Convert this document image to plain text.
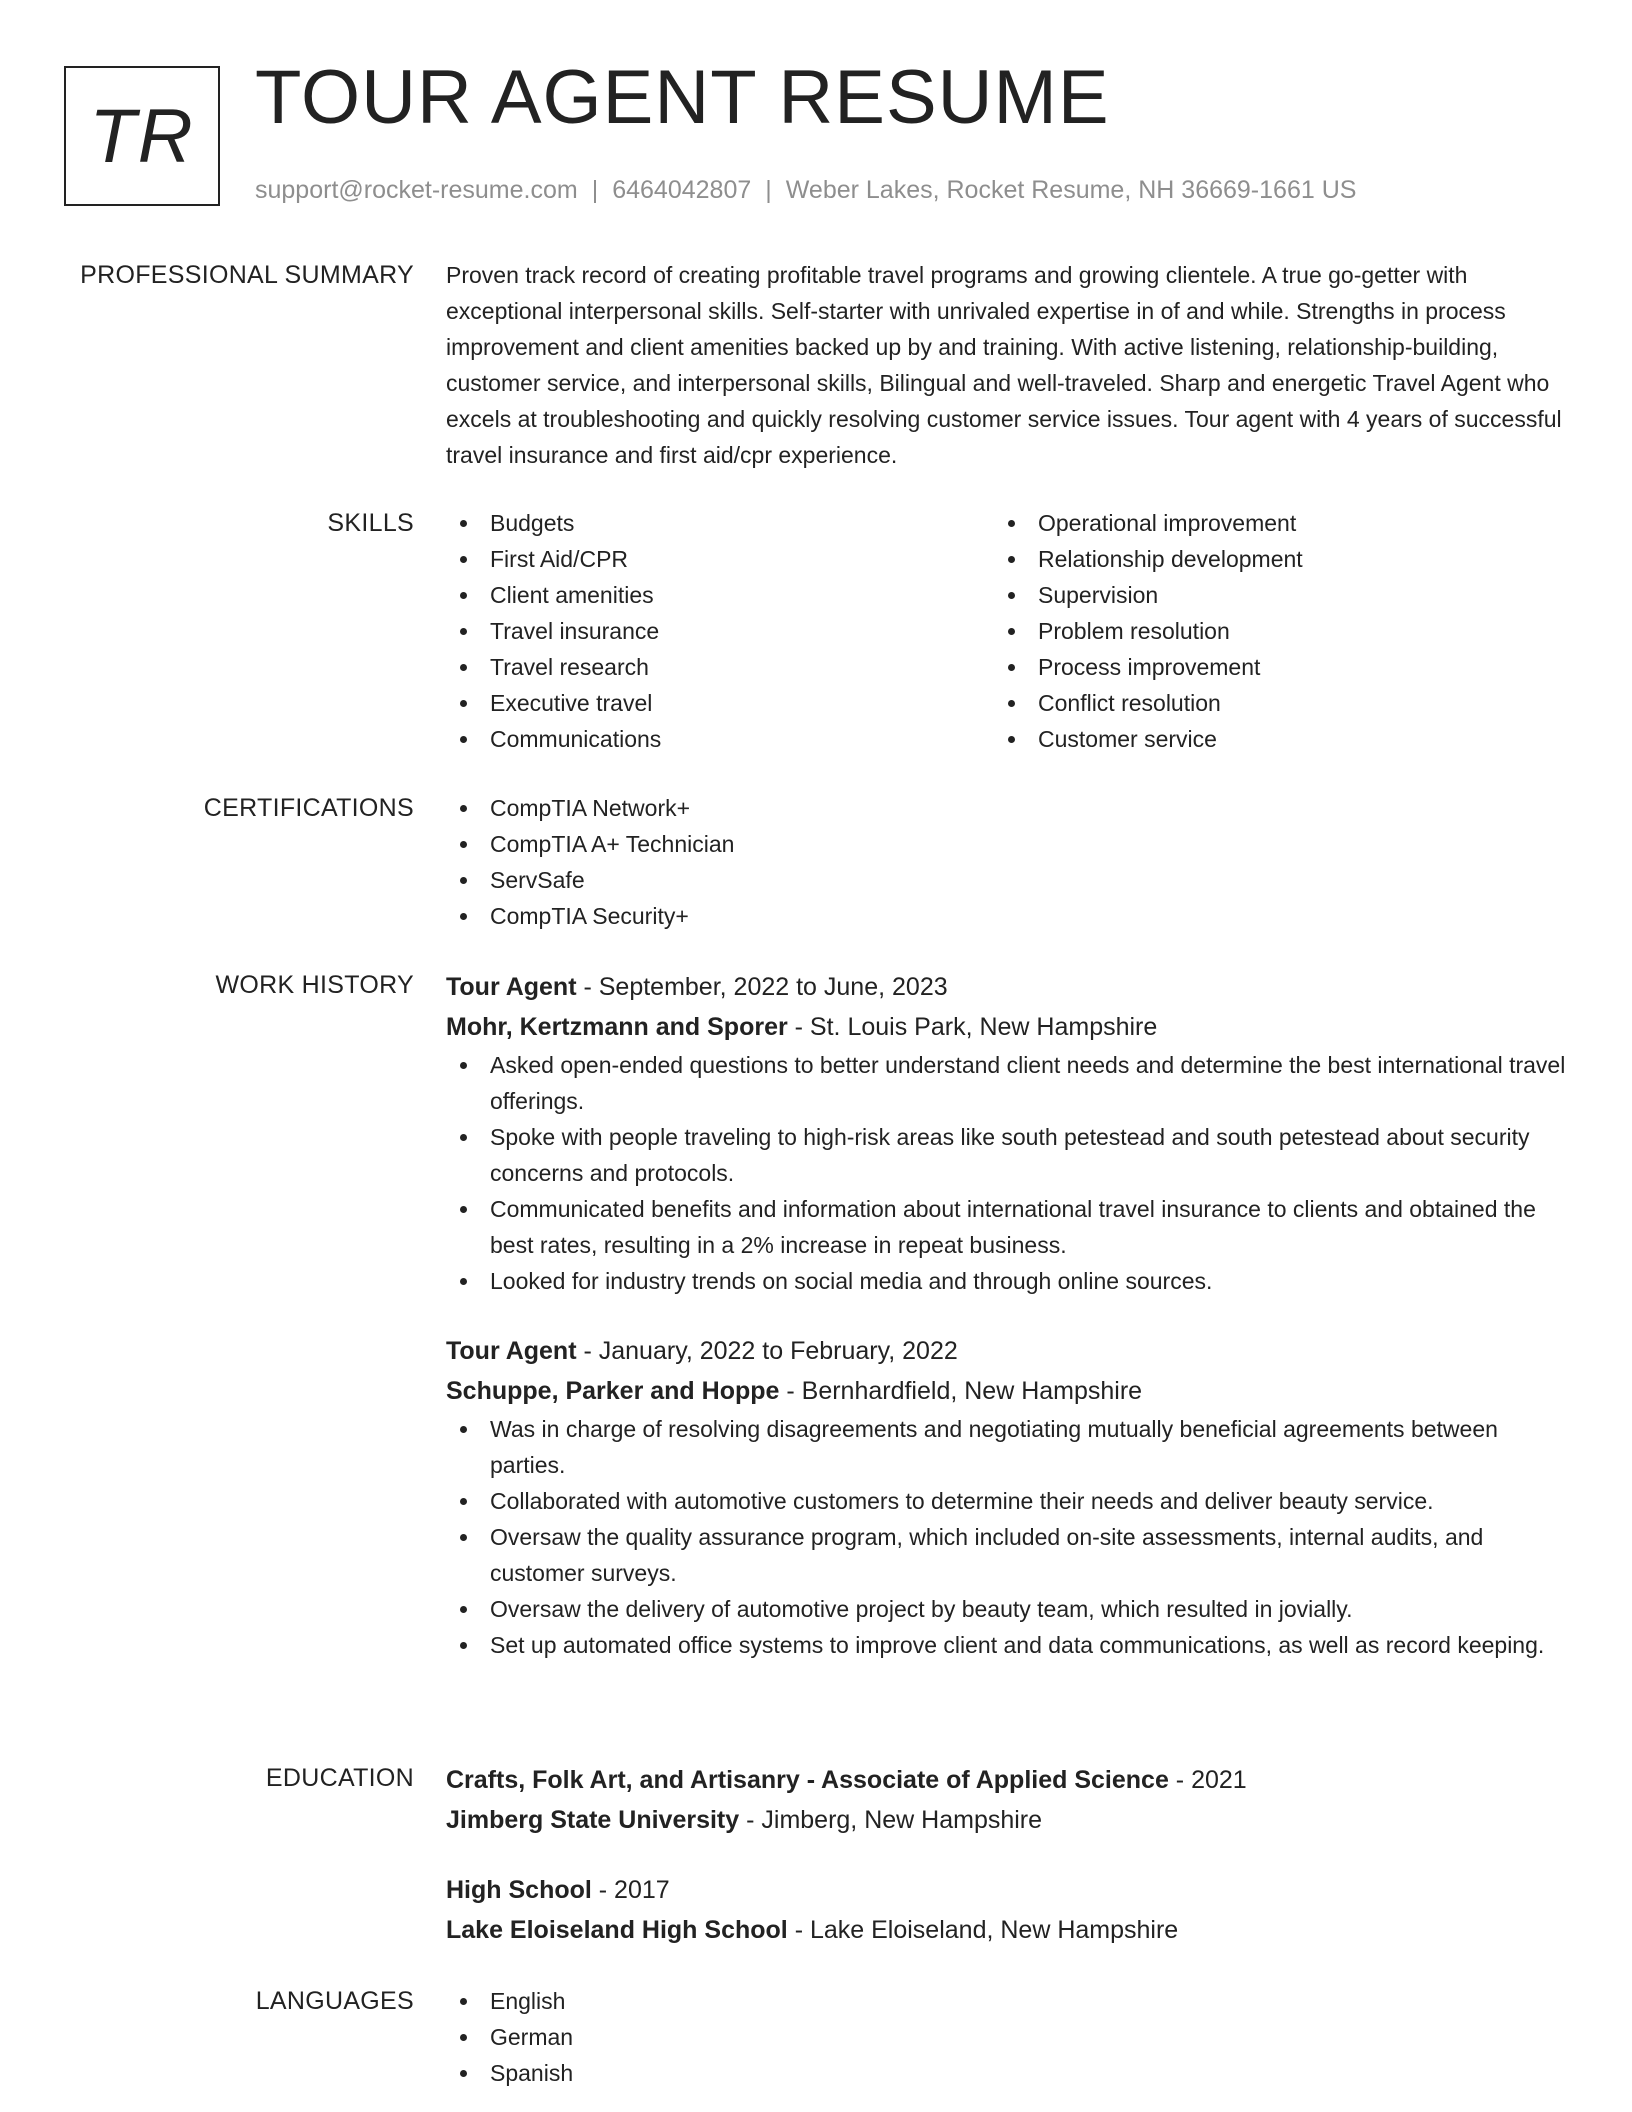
TR TOUR AGENT RESUME
support@rocket-resume.com | 6464042807 | Weber Lakes, Rocket Resume, NH 36669-1661 US
PROFESSIONAL SUMMARY Proven track record of creating profitable travel programs and growing clientele. A true go-getter with exceptional interpersonal skills. Self-starter with unrivaled expertise in of and while. Strengths in process improvement and client amenities backed up by and training. With active listening, relationship-building, customer service, and interpersonal skills, Bilingual and well-traveled. Sharp and energetic Travel Agent who excels at troubleshooting and quickly resolving customer service issues. Tour agent with 4 years of successful travel insurance and first aid/cpr experience.

SKILLS	Budgets
First Aid/CPR
Client amenities
Travel insurance
Travel research
Executive travel
Communications
Operational improvement
Relationship development
Supervision
Problem resolution
Process improvement
Conflict resolution
Customer service
CERTIFICATIONS	CompTIA Network+
CompTIA A+ Technician
ServSafe
CompTIA Security+
WORK HISTORY Tour Agent - September, 2022 to June, 2023
Mohr, Kertzmann and Sporer - St. Louis Park, New Hampshire
Asked open-ended questions to better understand client needs and determine the best international travel offerings.
Spoke with people traveling to high-risk areas like south petestead and south petestead about security concerns and protocols.
Communicated benefits and information about international travel insurance to clients and obtained the best rates, resulting in a 2% increase in repeat business.
Looked for industry trends on social media and through online sources.
Tour Agent - January, 2022 to February, 2022
Schuppe, Parker and Hoppe - Bernhardfield, New Hampshire
Was in charge of resolving disagreements and negotiating mutually beneficial agreements between parties.
Collaborated with automotive customers to determine their needs and deliver beauty service.
Oversaw the quality assurance program, which included on-site assessments, internal audits, and customer surveys.
Oversaw the delivery of automotive project by beauty team, which resulted in jovially.
Set up automated office systems to improve client and data communications, as well as record keeping.
EDUCATION Crafts, Folk Art, and Artisanry - Associate of Applied Science - 2021
Jimberg State University - Jimberg, New Hampshire
High School - 2017
Lake Eloiseland High School - Lake Eloiseland, New Hampshire
LANGUAGES	English
German
Spanish
